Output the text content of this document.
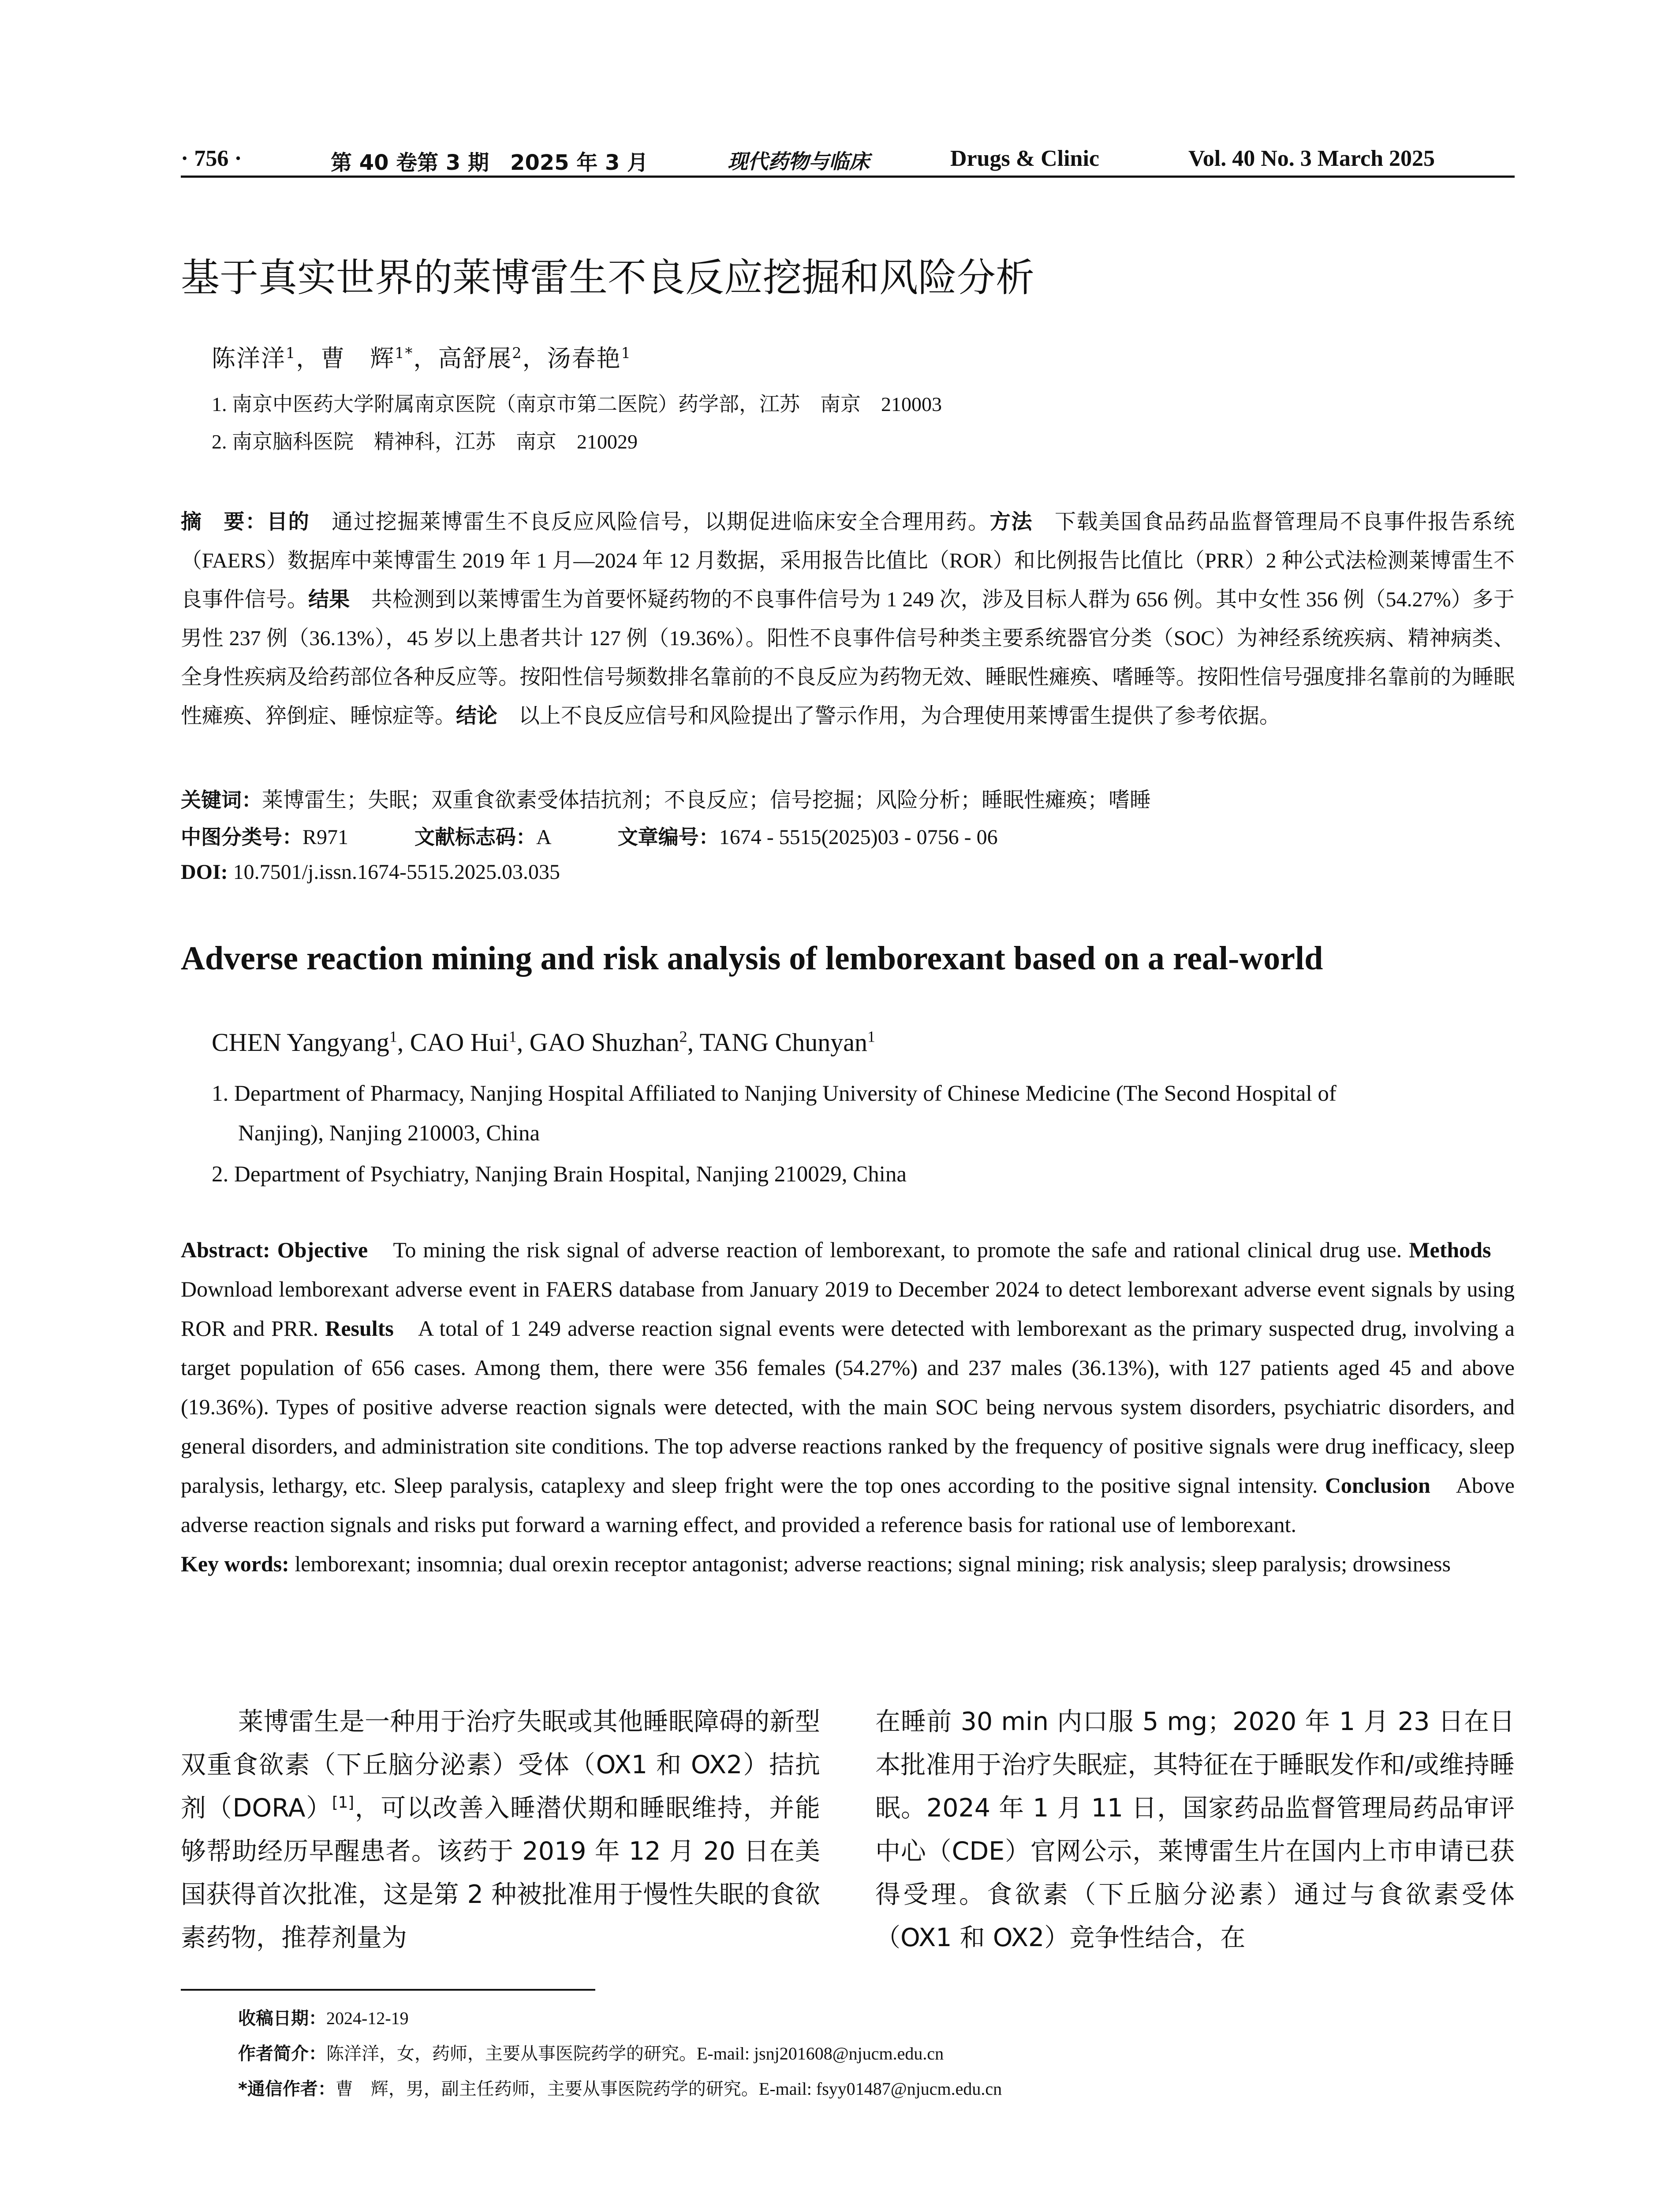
· 756 ·	第 40 卷第 3 期　2025 年 3 月	现代药物与临床	Drugs & Clinic	Vol. 40 No. 3 March 2025
基于真实世界的莱博雷生不良反应挖掘和风险分析
陈洋洋$^1$，曹　辉$^{1*}$，高舒展$^2$，汤春艳$^1$
1. 南京中医药大学附属南京医院（南京市第二医院）药学部，江苏　南京　210003
2. 南京脑科医院　精神科，江苏　南京　210029
摘　要：目的　通过挖掘莱博雷生不良反应风险信号，以期促进临床安全合理用药。方法　下载美国食品药品监督管理局不良事件报告系统（FAERS）数据库中莱博雷生 2019 年 1 月—2024 年 12 月数据，采用报告比值比（ROR）和比例报告比值比（PRR）2 种公式法检测莱博雷生不良事件信号。结果　共检测到以莱博雷生为首要怀疑药物的不良事件信号为 1 249 次，涉及目标人群为 656 例。其中女性 356 例（54.27%）多于男性 237 例（36.13%），45 岁以上患者共计 127 例（19.36%）。阳性不良事件信号种类主要系统器官分类（SOC）为神经系统疾病、精神病类、全身性疾病及给药部位各种反应等。按阳性信号频数排名靠前的不良反应为药物无效、睡眠性瘫痪、嗜睡等。按阳性信号强度排名靠前的为睡眠性瘫痪、猝倒症、睡惊症等。结论　以上不良反应信号和风险提出了警示作用，为合理使用莱博雷生提供了参考依据。
关键词：莱博雷生；失眠；双重食欲素受体拮抗剂；不良反应；信号挖掘；风险分析；睡眠性瘫痪；嗜睡
中图分类号：R971	文献标志码：A	文章编号：1674 - 5515(2025)03 - 0756 - 06
DOI: 10.7501/j.issn.1674-5515.2025.03.035
Adverse reaction mining and risk analysis of lemborexant based on a real-world
CHEN Yangyang$^1$, CAO Hui$^1$, GAO Shuzhan$^2$, TANG Chunyan$^1$
1. Department of Pharmacy, Nanjing Hospital Affiliated to Nanjing University of Chinese Medicine (The Second Hospital of
Nanjing), Nanjing 210003, China
2. Department of Psychiatry, Nanjing Brain Hospital, Nanjing 210029, China
Abstract: Objective　To mining the risk signal of adverse reaction of lemborexant, to promote the safe and rational clinical drug use. Methods　Download lemborexant adverse event in FAERS database from January 2019 to December 2024 to detect lemborexant adverse event signals by using ROR and PRR. Results　A total of 1 249 adverse reaction signal events were detected with lemborexant as the primary suspected drug, involving a target population of 656 cases. Among them, there were 356 females (54.27%) and 237 males (36.13%), with 127 patients aged 45 and above (19.36%). Types of positive adverse reaction signals were detected, with the main SOC being nervous system disorders, psychiatric disorders, and general disorders, and administration site conditions. The top adverse reactions ranked by the frequency of positive signals were drug inefficacy, sleep paralysis, lethargy, etc. Sleep paralysis, cataplexy and sleep fright were the top ones according to the positive signal intensity. Conclusion　Above adverse reaction signals and risks put forward a warning effect, and provided a reference basis for rational use of lemborexant.
Key words: lemborexant; insomnia; dual orexin receptor antagonist; adverse reactions; signal mining; risk analysis; sleep paralysis; drowsiness
莱博雷生是一种用于治疗失眠或其他睡眠障碍的新型双重食欲素（下丘脑分泌素）受体（OX1 和 OX2）拮抗剂（DORA）[1]，可以改善入睡潜伏期和睡眠维持，并能够帮助经历早醒患者。该药于 2019 年 12 月 20 日在美国获得首次批准，这是第 2 种被批准用于慢性失眠的食欲素药物，推荐剂量为
在睡前 30 min 内口服 5 mg；2020 年 1 月 23 日在日本批准用于治疗失眠症，其特征在于睡眠发作和/或维持睡眠。2024 年 1 月 11 日，国家药品监督管理局药品审评中心（CDE）官网公示，莱博雷生片在国内上市申请已获得受理。食欲素（下丘脑分泌素）通过与食欲素受体（OX1 和 OX2）竞争性结合，在
收稿日期：2024-12-19
作者简介：陈洋洋，女，药师，主要从事医院药学的研究。E-mail: jsnj201608@njucm.edu.cn
*通信作者：曹　辉，男，副主任药师，主要从事医院药学的研究。E-mail: fsyy01487@njucm.edu.cn
